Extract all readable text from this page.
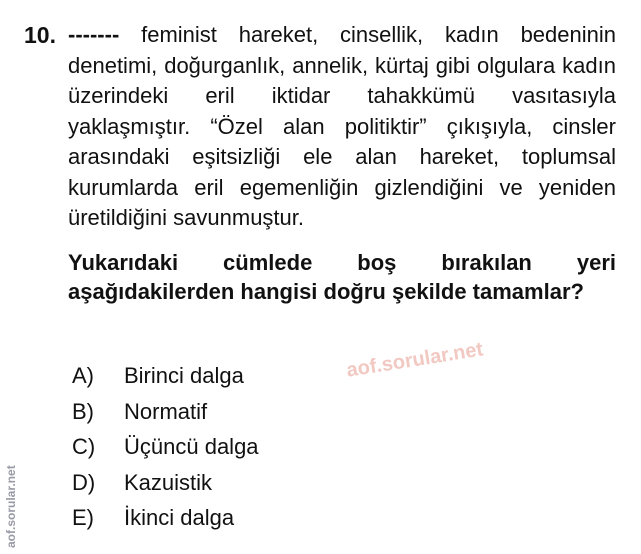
10. ------- feminist hareket, cinsellik, kadın bedeninin denetimi, doğurganlık, annelik, kürtaj gibi olgulara kadın üzerindeki eril iktidar tahakkümü vasıtasıyla yaklaşmıştır. “Özel alan politiktir” çıkışıyla, cinsler arasındaki eşitsizliği ele alan hareket, toplumsal kurumlarda eril egemenliğin gizlendiğini ve yeniden üretildiğini savunmuştur.
Yukarıdaki cümlede boş bırakılan yeri aşağıdakilerden hangisi doğru şekilde tamamlar?
A)	Birinci dalga
B)	Normatif
C)	Üçüncü dalga
D)	Kazuistik
E)	İkinci dalga
aof.sorular.net
aof.sorular.net
